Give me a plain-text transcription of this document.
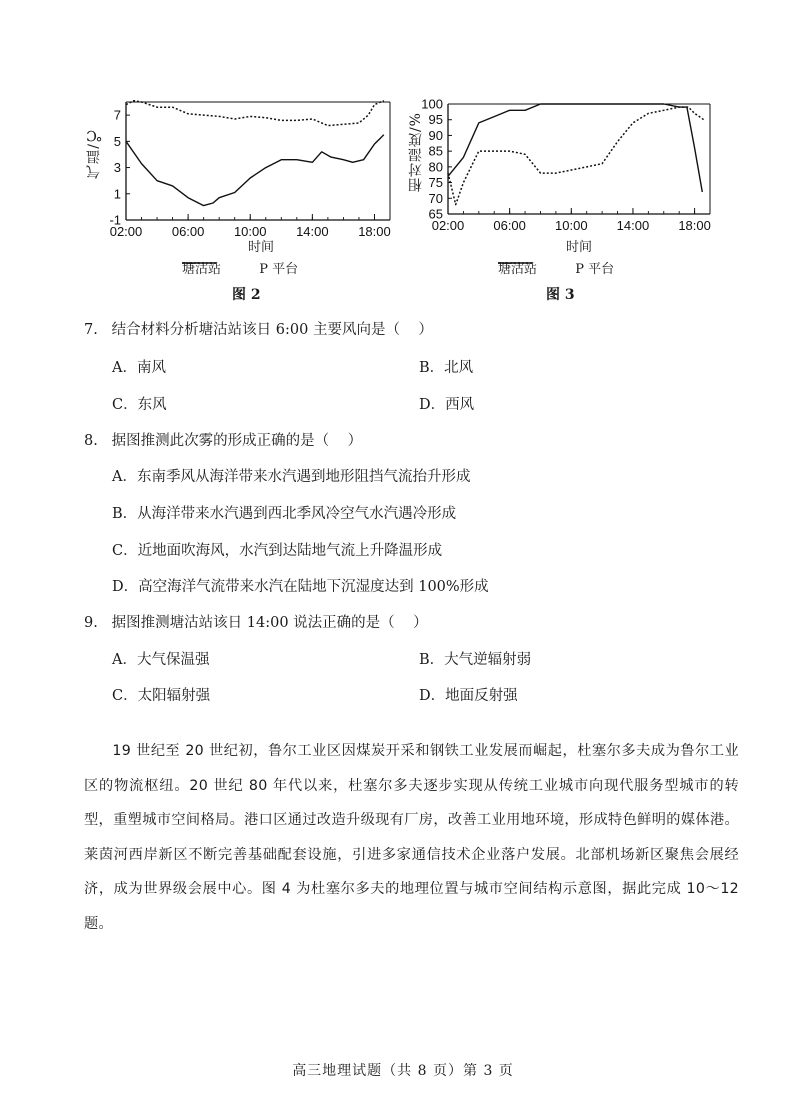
气温/℃
-1
1
3
5
7
02:00 06:00 10:00 14:00 18:00
时间
塘沽站	P 平台
图 2
相对湿度/%
65
70
75
80
85
90
95
100
02:00 06:00 10:00 14:00 18:00
时间
塘沽站	P 平台
图 3
7.   结合材料分析塘沽站该日 6:00 主要风向是（    ）
A．南风	B．北风
C．东风	D．西风
8.   据图推测此次雾的形成正确的是（    ）
A．东南季风从海洋带来水汽遇到地形阻挡气流抬升形成
B．从海洋带来水汽遇到西北季风冷空气水汽遇冷形成
C．近地面吹海风，水汽到达陆地气流上升降温形成
D．高空海洋气流带来水汽在陆地下沉湿度达到 100%形成
9.   据图推测塘沽站该日 14:00 说法正确的是（    ）
A．大气保温强	B．大气逆辐射弱
C．太阳辐射强	D．地面反射强
19 世纪至 20 世纪初，鲁尔工业区因煤炭开采和钢铁工业发展而崛起，杜塞尔多夫成为鲁尔工业区的物流枢纽。20 世纪 80 年代以来，杜塞尔多夫逐步实现从传统工业城市向现代服务型城市的转型，重塑城市空间格局。港口区通过改造升级现有厂房，改善工业用地环境，形成特色鲜明的媒体港。莱茵河西岸新区不断完善基础配套设施，引进多家通信技术企业落户发展。北部机场新区聚焦会展经济，成为世界级会展中心。图 4 为杜塞尔多夫的地理位置与城市空间结构示意图，据此完成 10～12 题。
高三地理试题（共 8 页）第 3 页
